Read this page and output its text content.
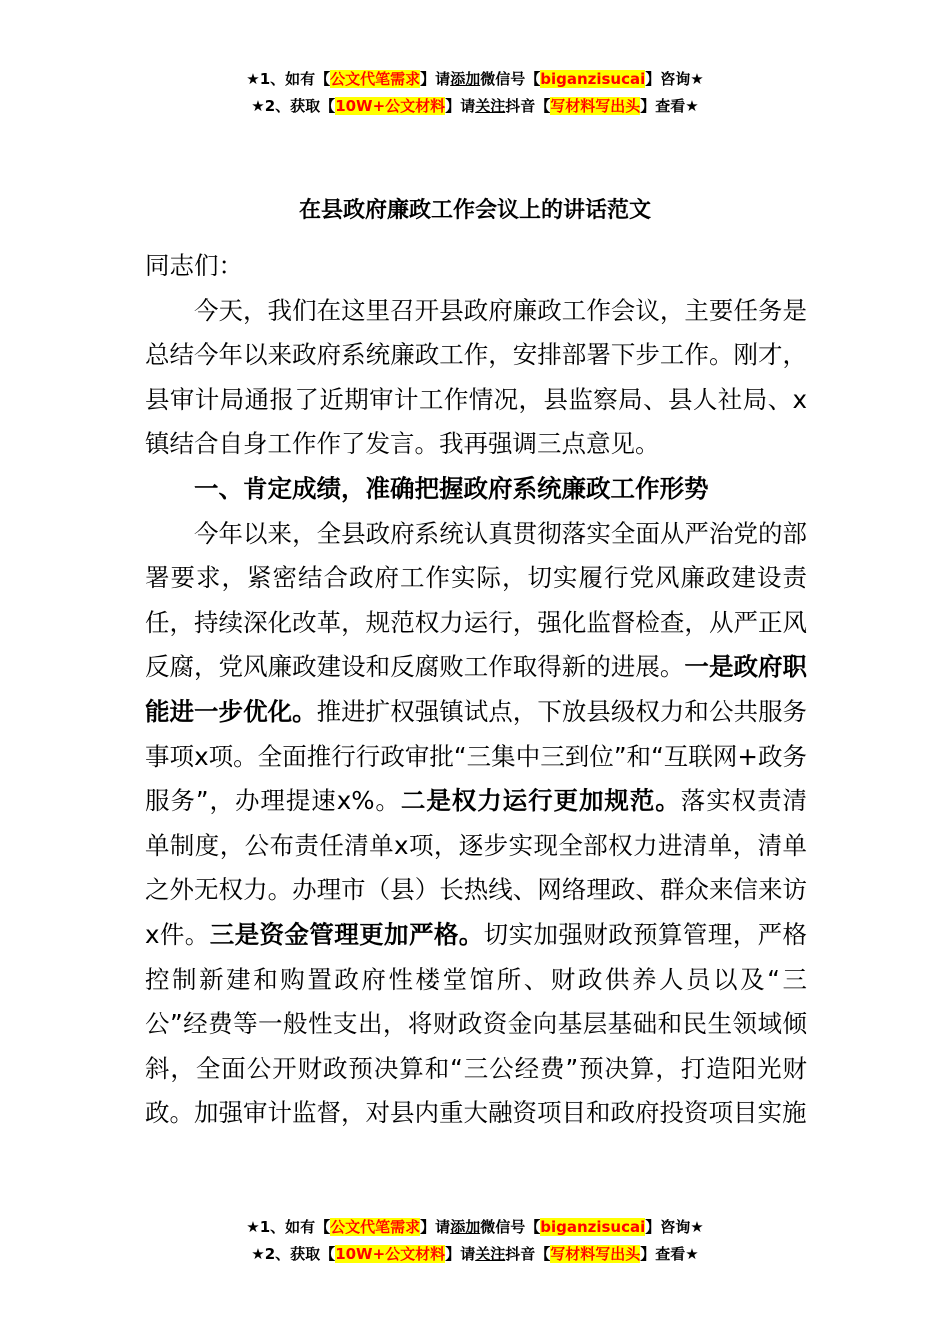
★1、如有【公文代笔需求】请添加微信号【biganzisucai】咨询★
★2、获取【10W+公文材料】请关注抖音【写材料写出头】查看★
在县政府廉政工作会议上的讲话范文

同志们：

今天，我们在这里召开县政府廉政工作会议，主要任务是总结今年以来政府系统廉政工作，安排部署下步工作。刚才，县审计局通报了近期审计工作情况，县监察局、县人社局、x镇结合自身工作作了发言。我再强调三点意见。

一、肯定成绩，准确把握政府系统廉政工作形势

今年以来，全县政府系统认真贯彻落实全面从严治党的部署要求，紧密结合政府工作实际，切实履行党风廉政建设责任，持续深化改革，规范权力运行，强化监督检查，从严正风反腐，党风廉政建设和反腐败工作取得新的进展。一是政府职能进一步优化。推进扩权强镇试点，下放县级权力和公共服务事项x项。全面推行行政审批“三集中三到位”和“互联网+政务服务”，办理提速x%。二是权力运行更加规范。落实权责清单制度，公布责任清单x项，逐步实现全部权力进清单，清单之外无权力。办理市（县）长热线、网络理政、群众来信来访x件。三是资金管理更加严格。切实加强财政预算管理，严格控制新建和购置政府性楼堂馆所、财政供养人员以及“三公”经费等一般性支出，将财政资金向基层基础和民生领域倾斜，全面公开财政预决算和“三公经费”预决算，打造阳光财政。加强审计监督，对县内重大融资项目和政府投资项目实施

★1、如有【公文代笔需求】请添加微信号【biganzisucai】咨询★
★2、获取【10W+公文材料】请关注抖音【写材料写出头】查看★
